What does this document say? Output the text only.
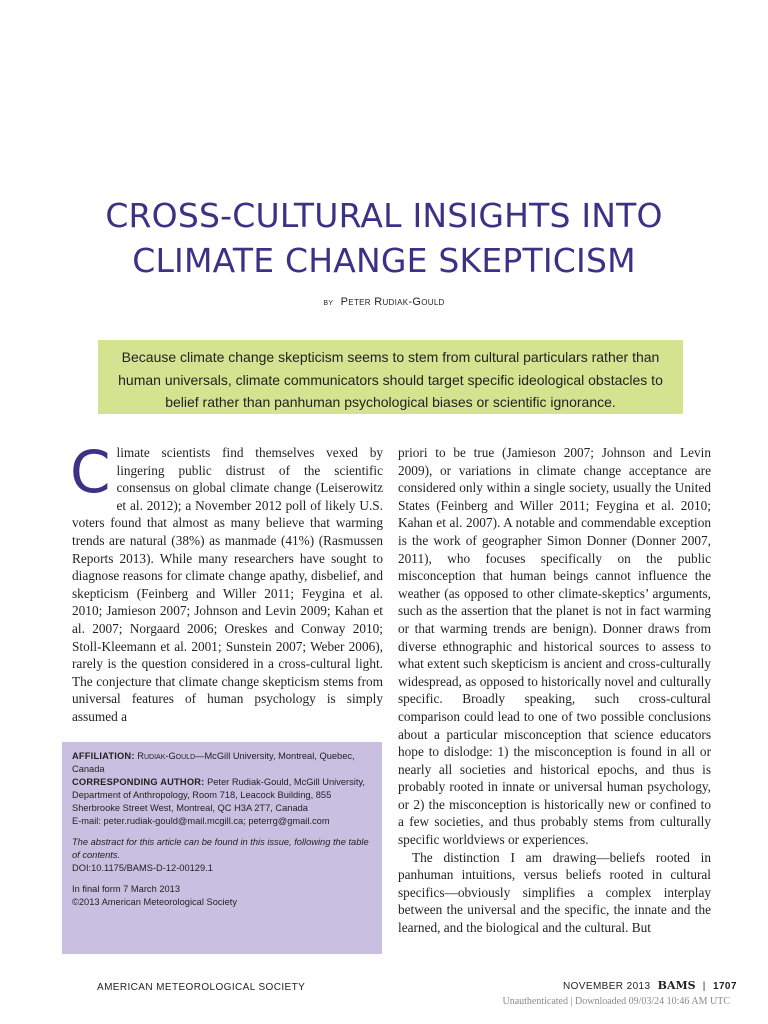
CROSS-CULTURAL INSIGHTS INTO
CLIMATE CHANGE SKEPTICISM
by Peter Rudiak-Gould
Because climate change skepticism seems to stem from cultural particulars rather than human universals, climate communicators should target specific ideological obstacles to belief rather than panhuman psychological biases or scientific ignorance.
C limate scientists find themselves vexed by lingering public distrust of the scientific consensus on global climate change (Leiserowitz et al. 2012); a November 2012 poll of likely U.S. voters found that almost as many believe that warming trends are natural (38%) as manmade (41%) (Rasmussen Reports 2013). While many researchers have sought to diagnose reasons for climate change apathy, disbelief, and skepticism (Feinberg and Willer 2011; Feygina et al. 2010; Jamieson 2007; Johnson and Levin 2009; Kahan et al. 2007; Norgaard 2006; Oreskes and Conway 2010; Stoll-Kleemann et al. 2001; Sunstein 2007; Weber 2006), rarely is the question considered in a cross-cultural light. The conjecture that climate change skepticism stems from universal features of human psychology is simply assumed a

priori to be true (Jamieson 2007; Johnson and Levin 2009), or variations in climate change acceptance are considered only within a single society, usually the United States (Feinberg and Willer 2011; Feygina et al. 2010; Kahan et al. 2007). A notable and commendable exception is the work of geographer Simon Donner (Donner 2007, 2011), who focuses specifically on the public misconception that human beings cannot influence the weather (as opposed to other climate-skeptics’ arguments, such as the assertion that the planet is not in fact warming or that warming trends are benign). Donner draws from diverse ethnographic and historical sources to assess to what extent such skepticism is ancient and cross-culturally widespread, as opposed to historically novel and culturally specific. Broadly speaking, such cross-cultural comparison could lead to one of two possible conclusions about a particular misconception that science educators hope to dislodge: 1) the misconception is found in all or nearly all societies and historical epochs, and thus is probably rooted in innate or universal human psychology, or 2) the misconception is historically new or confined to a few societies, and thus probably stems from culturally specific worldviews or experiences.

The distinction I am drawing—beliefs rooted in panhuman intuitions, versus beliefs rooted in cultural specifics—obviously simplifies a complex interplay between the universal and the specific, the innate and the learned, and the biological and the cultural. But

AFFILIATION: Rudiak-Gould—McGill University, Montreal, Quebec, Canada

CORRESPONDING AUTHOR: Peter Rudiak-Gould, McGill University, Department of Anthropology, Room 718, Leacock Building, 855 Sherbrooke Street West, Montreal, QC H3A 2T7, Canada

E-mail: peter.rudiak-gould@mail.mcgill.ca; peterrg@gmail.com

The abstract for this article can be found in this issue, following the table of contents.

DOI:10.1175/BAMS-D-12-00129.1

In final form 7 March 2013

©2013 American Meteorological Society

AMERICAN METEOROLOGICAL SOCIETY	NOVEMBER 2013 BAMS | 1707
Unauthenticated | Downloaded 09/03/24 10:46 AM UTC
